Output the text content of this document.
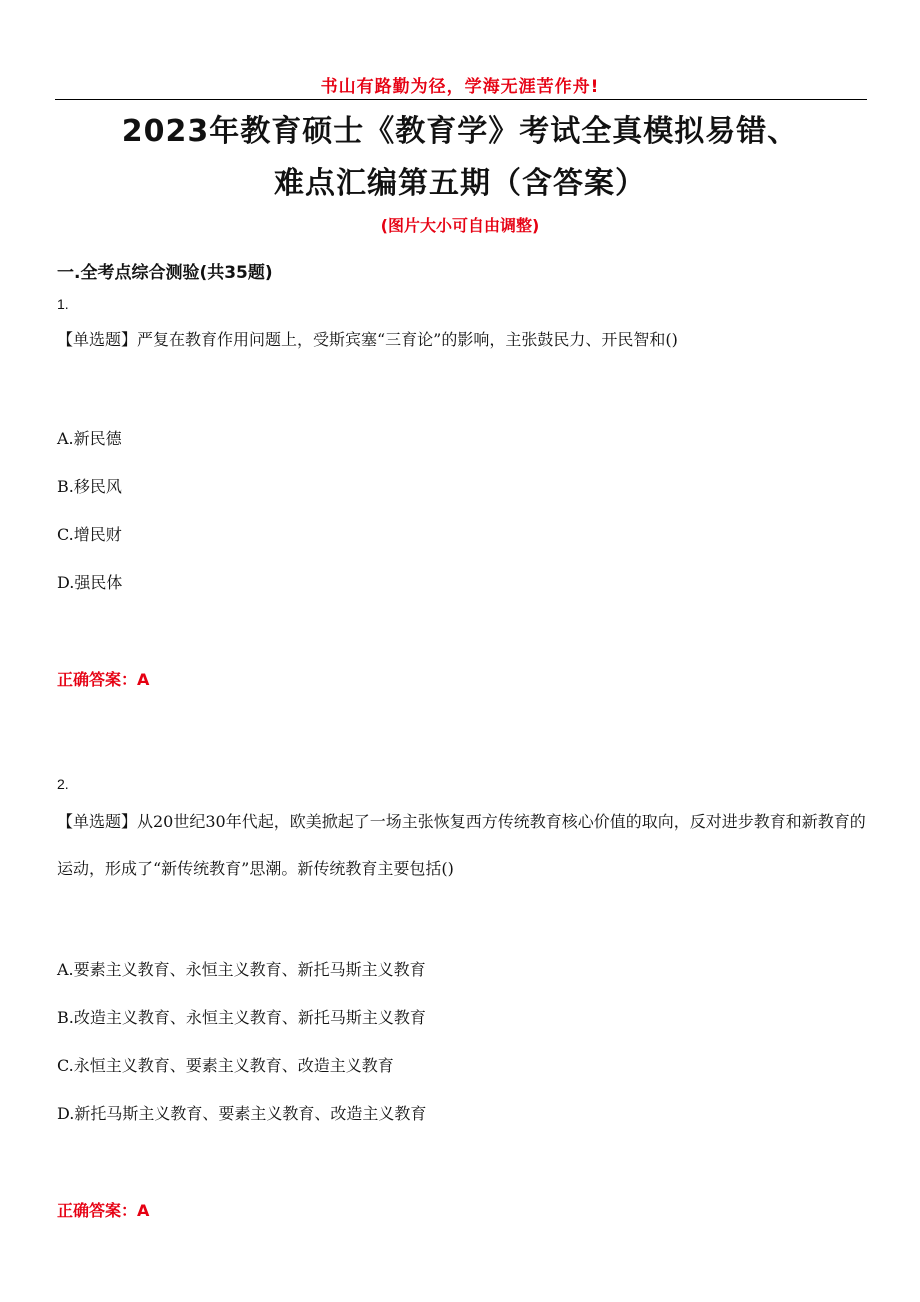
书山有路勤为径，学海无涯苦作舟!
2023年教育硕士《教育学》考试全真模拟易错、
难点汇编第五期（含答案）
(图片大小可自由调整)
一.全考点综合测验(共35题)
1.
【单选题】严复在教育作用问题上，受斯宾塞“三育论”的影响，主张鼓民力、开民智和()
A.新民德
B.移民风
C.增民财
D.强民体
正确答案：A
2.
【单选题】从20世纪30年代起，欧美掀起了一场主张恢复西方传统教育核心价值的取向，反对进步教育和新教育的运动，形成了“新传统教育”思潮。新传统教育主要包括()
A.要素主义教育、永恒主义教育、新托马斯主义教育
B.改造主义教育、永恒主义教育、新托马斯主义教育
C.永恒主义教育、要素主义教育、改造主义教育
D.新托马斯主义教育、要素主义教育、改造主义教育
正确答案：A
